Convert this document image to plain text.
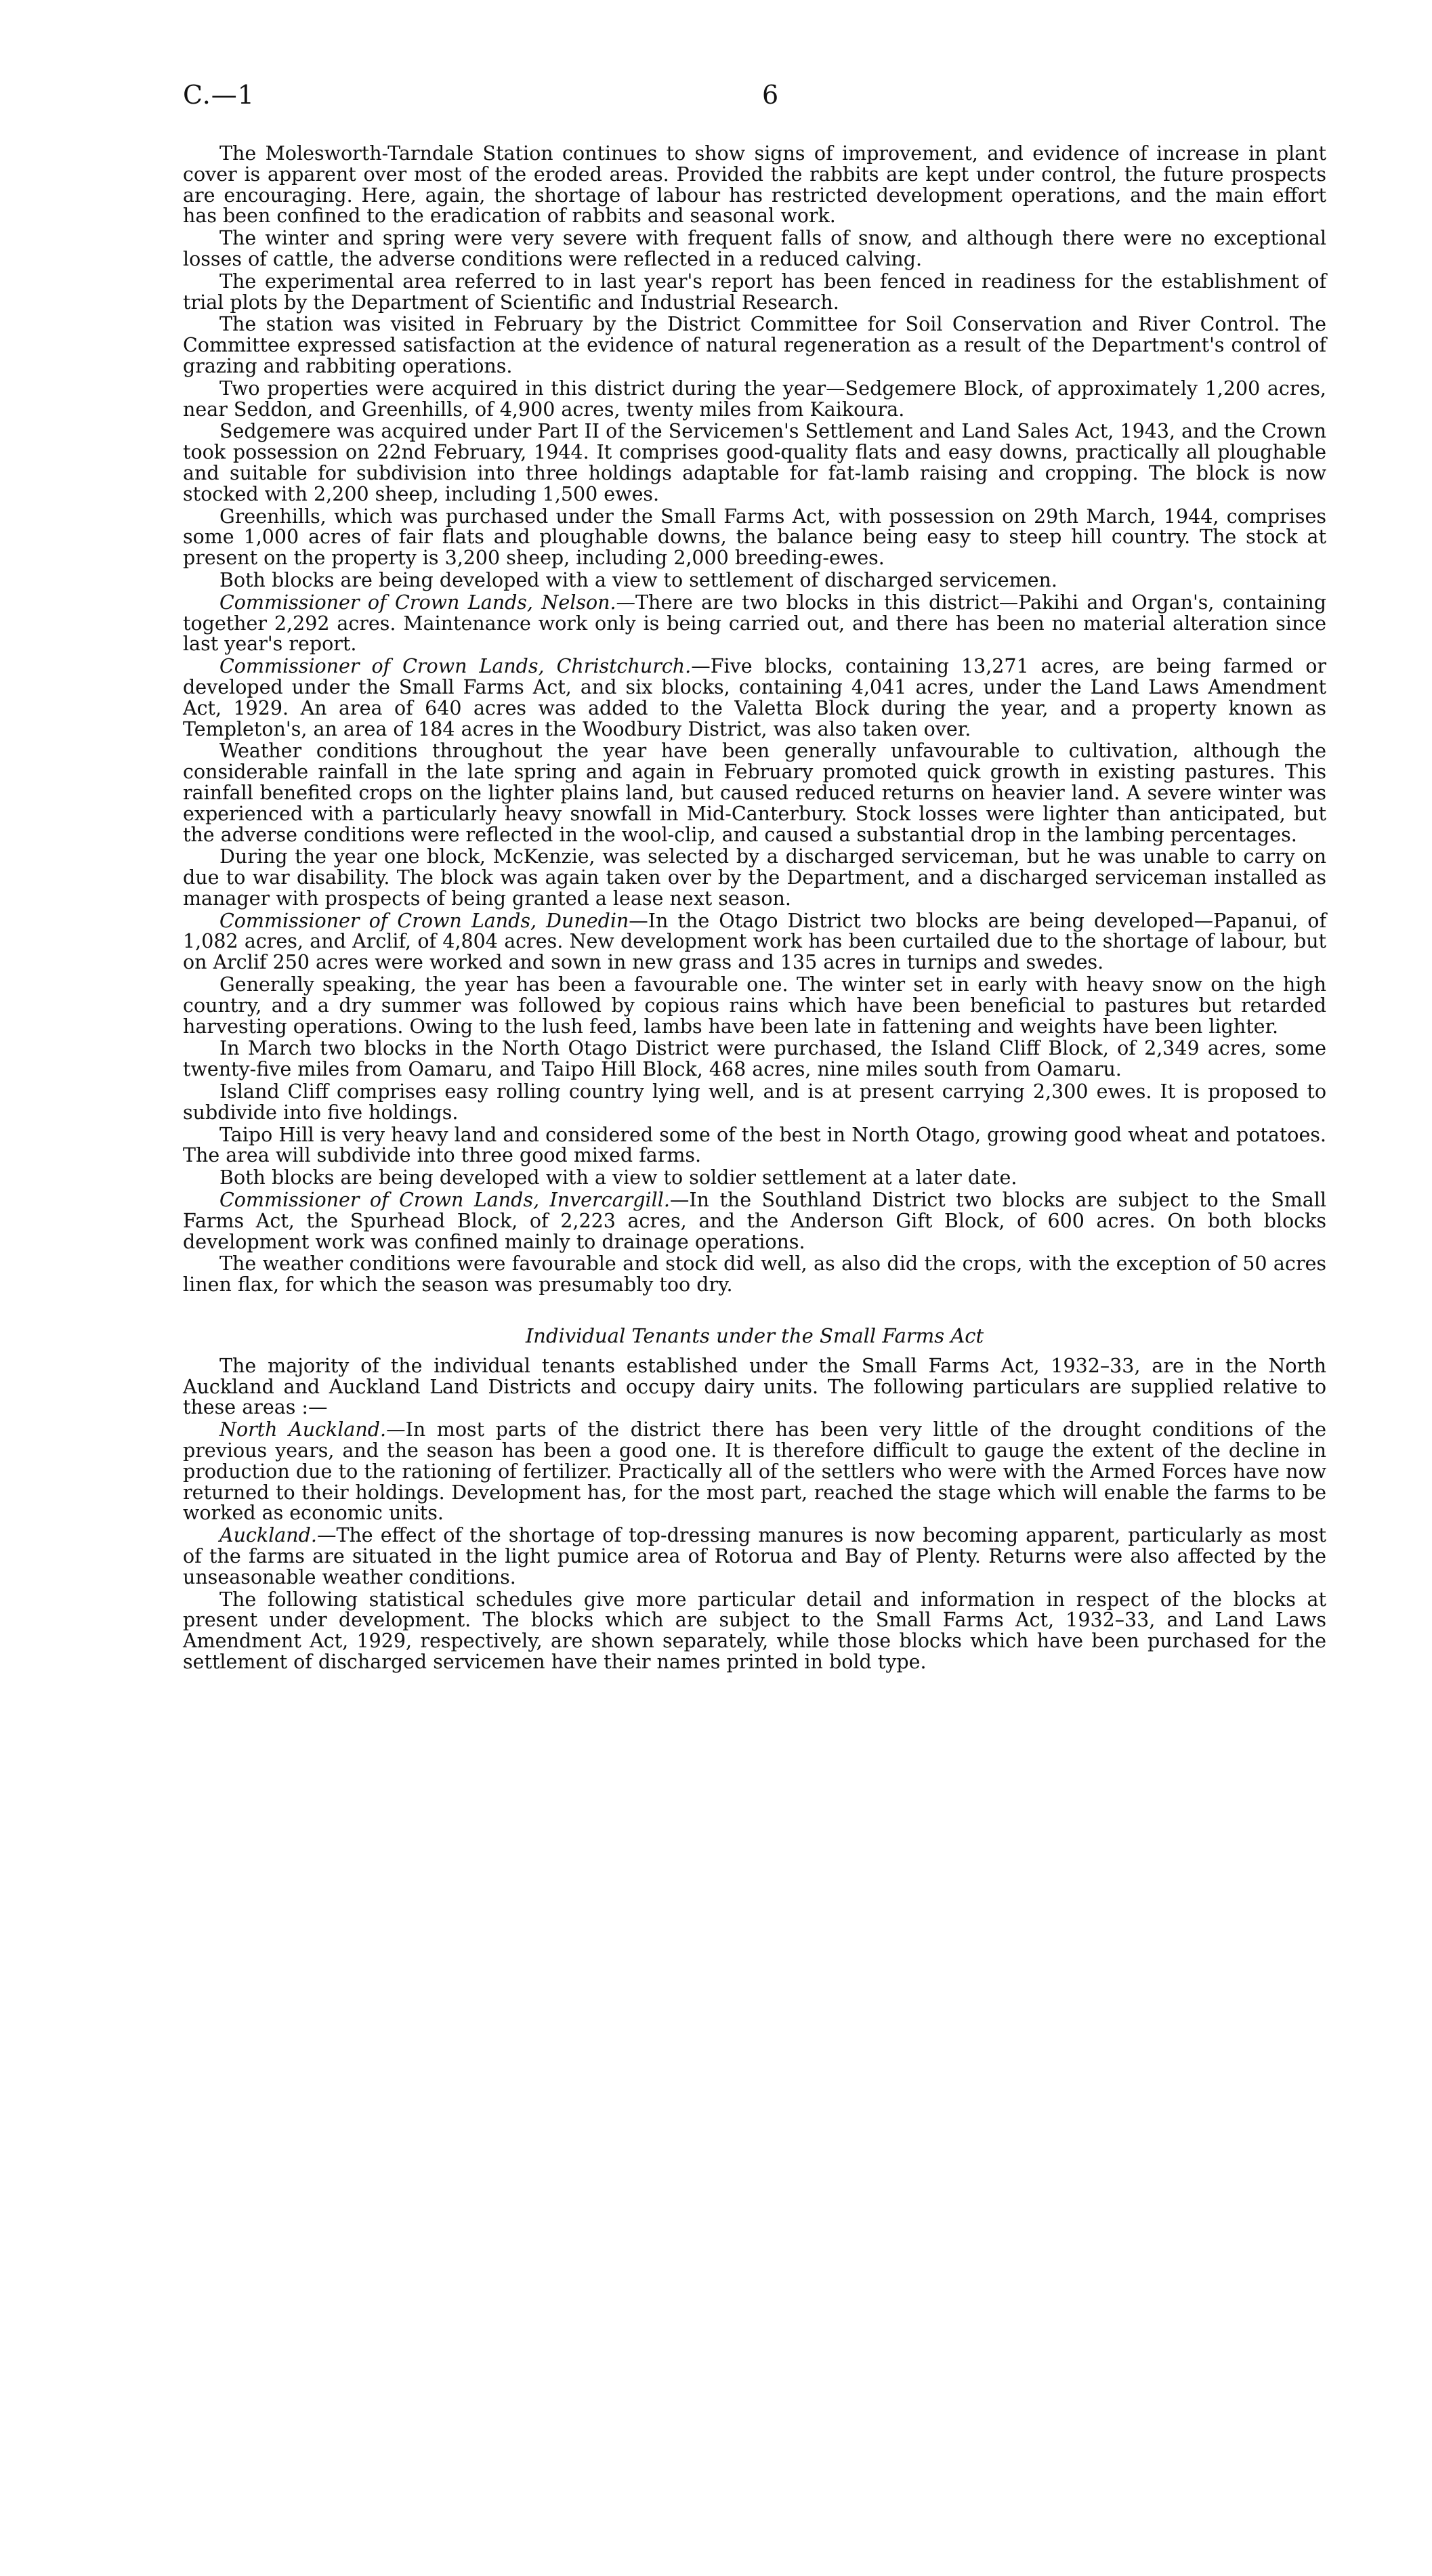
C.—1	6

The Molesworth-Tarndale Station continues to show signs of improvement, and evidence of increase in plant cover is apparent over most of the eroded areas. Provided the rabbits are kept under control, the future prospects are encouraging. Here, again, the shortage of labour has restricted development operations, and the main effort has been confined to the eradication of rabbits and seasonal work.

The winter and spring were very severe with frequent falls of snow, and although there were no exceptional losses of cattle, the adverse conditions were reflected in a reduced calving.

The experimental area referred to in last year's report has been fenced in readiness for the establishment of trial plots by the Department of Scientific and Industrial Research.

The station was visited in February by the District Committee for Soil Conservation and River Control. The Committee expressed satisfaction at the evidence of natural regeneration as a result of the Department's control of grazing and rabbiting operations.

Two properties were acquired in this district during the year—Sedgemere Block, of approximately 1,200 acres, near Seddon, and Greenhills, of 4,900 acres, twenty miles from Kaikoura.

Sedgemere was acquired under Part II of the Servicemen's Settlement and Land Sales Act, 1943, and the Crown took possession on 22nd February, 1944. It comprises good-quality flats and easy downs, practically all ploughable and suitable for subdivision into three holdings adaptable for fat-lamb raising and cropping. The block is now stocked with 2,200 sheep, including 1,500 ewes.

Greenhills, which was purchased under the Small Farms Act, with possession on 29th March, 1944, comprises some 1,000 acres of fair flats and ploughable downs, the balance being easy to steep hill country. The stock at present on the property is 3,200 sheep, including 2,000 breeding-ewes.

Both blocks are being developed with a view to settlement of discharged servicemen.

Commissioner of Crown Lands, Nelson.—There are two blocks in this district—Pakihi and Organ's, containing together 2,292 acres. Maintenance work only is being carried out, and there has been no material alteration since last year's report.

Commissioner of Crown Lands, Christchurch.—Five blocks, containing 13,271 acres, are being farmed or developed under the Small Farms Act, and six blocks, containing 4,041 acres, under the Land Laws Amendment Act, 1929. An area of 640 acres was added to the Valetta Block during the year, and a property known as Templeton's, an area of 184 acres in the Woodbury District, was also taken over.

Weather conditions throughout the year have been generally unfavourable to cultivation, although the considerable rainfall in the late spring and again in February promoted quick growth in existing pastures. This rainfall benefited crops on the lighter plains land, but caused reduced returns on heavier land. A severe winter was experienced with a particularly heavy snowfall in Mid-Canterbury. Stock losses were lighter than anticipated, but the adverse conditions were reflected in the wool-clip, and caused a substantial drop in the lambing percentages.

During the year one block, McKenzie, was selected by a discharged serviceman, but he was unable to carry on due to war disability. The block was again taken over by the Department, and a discharged serviceman installed as manager with prospects of being granted a lease next season.

Commissioner of Crown Lands, Dunedin—In the Otago District two blocks are being developed—Papanui, of 1,082 acres, and Arclif, of 4,804 acres. New development work has been curtailed due to the shortage of labour, but on Arclif 250 acres were worked and sown in new grass and 135 acres in turnips and swedes.

Generally speaking, the year has been a favourable one. The winter set in early with heavy snow on the high country, and a dry summer was followed by copious rains which have been beneficial to pastures but retarded harvesting operations. Owing to the lush feed, lambs have been late in fattening and weights have been lighter.

In March two blocks in the North Otago District were purchased, the Island Cliff Block, of 2,349 acres, some twenty-five miles from Oamaru, and Taipo Hill Block, 468 acres, nine miles south from Oamaru.

Island Cliff comprises easy rolling country lying well, and is at present carrying 2,300 ewes. It is proposed to subdivide into five holdings.

Taipo Hill is very heavy land and considered some of the best in North Otago, growing good wheat and potatoes. The area will subdivide into three good mixed farms.

Both blocks are being developed with a view to soldier settlement at a later date.

Commissioner of Crown Lands, Invercargill.—In the Southland District two blocks are subject to the Small Farms Act, the Spurhead Block, of 2,223 acres, and the Anderson Gift Block, of 600 acres. On both blocks development work was confined mainly to drainage operations.

The weather conditions were favourable and stock did well, as also did the crops, with the exception of 50 acres linen flax, for which the season was presumably too dry.

Individual Tenants under the Small Farms Act

The majority of the individual tenants established under the Small Farms Act, 1932–33, are in the North Auckland and Auckland Land Districts and occupy dairy units. The following particulars are supplied relative to these areas :—

North Auckland.—In most parts of the district there has been very little of the drought conditions of the previous years, and the season has been a good one. It is therefore difficult to gauge the extent of the decline in production due to the rationing of fertilizer. Practically all of the settlers who were with the Armed Forces have now returned to their holdings. Development has, for the most part, reached the stage which will enable the farms to be worked as economic units.

Auckland.—The effect of the shortage of top-dressing manures is now becoming apparent, particularly as most of the farms are situated in the light pumice area of Rotorua and Bay of Plenty. Returns were also affected by the unseasonable weather conditions.

The following statistical schedules give more particular detail and information in respect of the blocks at present under development. The blocks which are subject to the Small Farms Act, 1932–33, and Land Laws Amendment Act, 1929, respectively, are shown separately, while those blocks which have been purchased for the settlement of discharged servicemen have their names printed in bold type.
